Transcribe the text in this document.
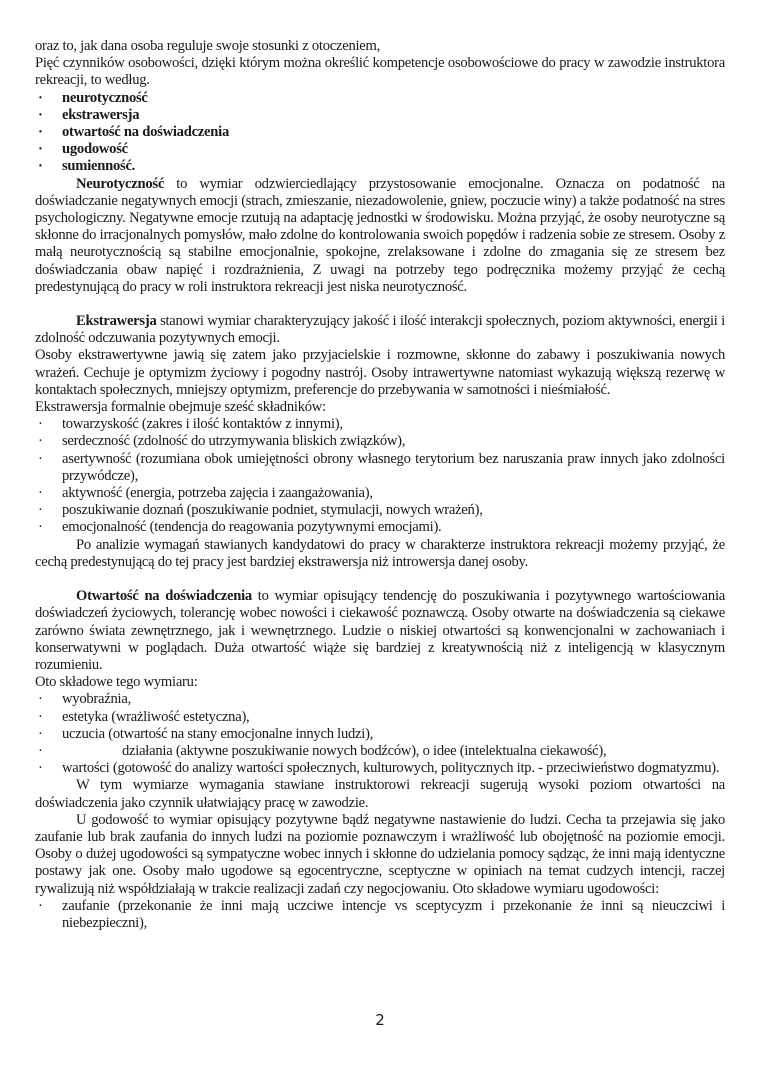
oraz to, jak dana osoba reguluje swoje stosunki z otoczeniem,

Pięć czynników osobowości, dzięki którym można określić kompetencje osobowościowe do pracy w zawodzie instruktora rekreacji, to według.

· neurotyczność
· ekstrawersja
· otwartość na doświadczenia
· ugodowość
· sumienność.

Neurotyczność to wymiar odzwierciedlający przystosowanie emocjonalne. Oznacza on podatność na doświadczanie negatywnych emocji (strach, zmieszanie, niezadowolenie, gniew, poczucie winy) a także podatność na stres psychologiczny. Negatywne emocje rzutują na adaptację jednostki w środowisku. Można przyjąć, że osoby neurotyczne są skłonne do irracjonalnych pomysłów, mało zdolne do kontrolowania swoich popędów i radzenia sobie ze stresem. Osoby z małą neurotycznością są stabilne emocjonalnie, spokojne, zrelaksowane i zdolne do zmagania się ze stresem bez doświadczania obaw napięć i rozdrażnienia, Z uwagi na potrzeby tego podręcznika możemy przyjąć że cechą predestynującą do pracy w roli instruktora rekreacji jest niska neurotyczność.

Ekstrawersja stanowi wymiar charakteryzujący jakość i ilość interakcji społecznych, poziom aktywności, energii i zdolność odczuwania pozytywnych emocji.

Osoby ekstrawertywne jawią się zatem jako przyjacielskie i rozmowne, skłonne do zabawy i poszukiwania nowych wrażeń. Cechuje je optymizm życiowy i pogodny nastrój. Osoby intrawertywne natomiast wykazują większą rezerwę w kontaktach społecznych, mniejszy optymizm, preferencje do przebywania w samotności i nieśmiałość.

Ekstrawersja formalnie obejmuje sześć składników:

· towarzyskość (zakres i ilość kontaktów z innymi),
· serdeczność (zdolność do utrzymywania bliskich związków),
· asertywność (rozumiana obok umiejętności obrony własnego terytorium bez naruszania praw innych jako zdolności przywódcze),
· aktywność (energia, potrzeba zajęcia i zaangażowania),
· poszukiwanie doznań (poszukiwanie podniet, stymulacji, nowych wrażeń),
· emocjonalność (tendencja do reagowania pozytywnymi emocjami).

Po analizie wymagań stawianych kandydatowi do pracy w charakterze instruktora rekreacji możemy przyjąć, że cechą predestynującą do tej pracy jest bardziej ekstrawersja niż introwersja danej osoby.

Otwartość na doświadczenia to wymiar opisujący tendencję do poszukiwania i pozytywnego wartościowania doświadczeń życiowych, tolerancję wobec nowości i ciekawość poznawczą. Osoby otwarte na doświadczenia są ciekawe zarówno świata zewnętrznego, jak i wewnętrznego. Ludzie o niskiej otwartości są konwencjonalni w zachowaniach i konserwatywni w poglądach. Duża otwartość wiąże się bardziej z kreatywnością niż z inteligencją w klasycznym rozumieniu.

Oto składowe tego wymiaru:

· wyobraźnia,
· estetyka (wrażliwość estetyczna),
· uczucia (otwartość na stany emocjonalne innych ludzi),
·	działania (aktywne poszukiwanie nowych bodźców), o idee (intelektualna ciekawość),
· wartości (gotowość do analizy wartości społecznych, kulturowych, politycznych itp. - przeciwieństwo dogmatyzmu).

W tym wymiarze wymagania stawiane instruktorowi rekreacji sugerują wysoki poziom otwartości na doświadczenia jako czynnik ułatwiający pracę w zawodzie.

U godowość to wymiar opisujący pozytywne bądź negatywne nastawienie do ludzi. Cecha ta przejawia się jako zaufanie lub brak zaufania do innych ludzi na poziomie poznawczym i wrażliwość lub obojętność na poziomie emocji. Osoby o dużej ugodowości są sympatyczne wobec innych i skłonne do udzielania pomocy sądząc, że inni mają identyczne postawy jak one. Osoby mało ugodowe są egocentryczne, sceptyczne w opiniach na temat cudzych intencji, raczej rywalizują niż współdziałają w trakcie realizacji zadań czy negocjowaniu. Oto składowe wymiaru ugodowości:

· zaufanie (przekonanie że inni mają uczciwe intencje vs sceptycyzm i przekonanie że inni są nieuczciwi i niebezpieczni),
2
